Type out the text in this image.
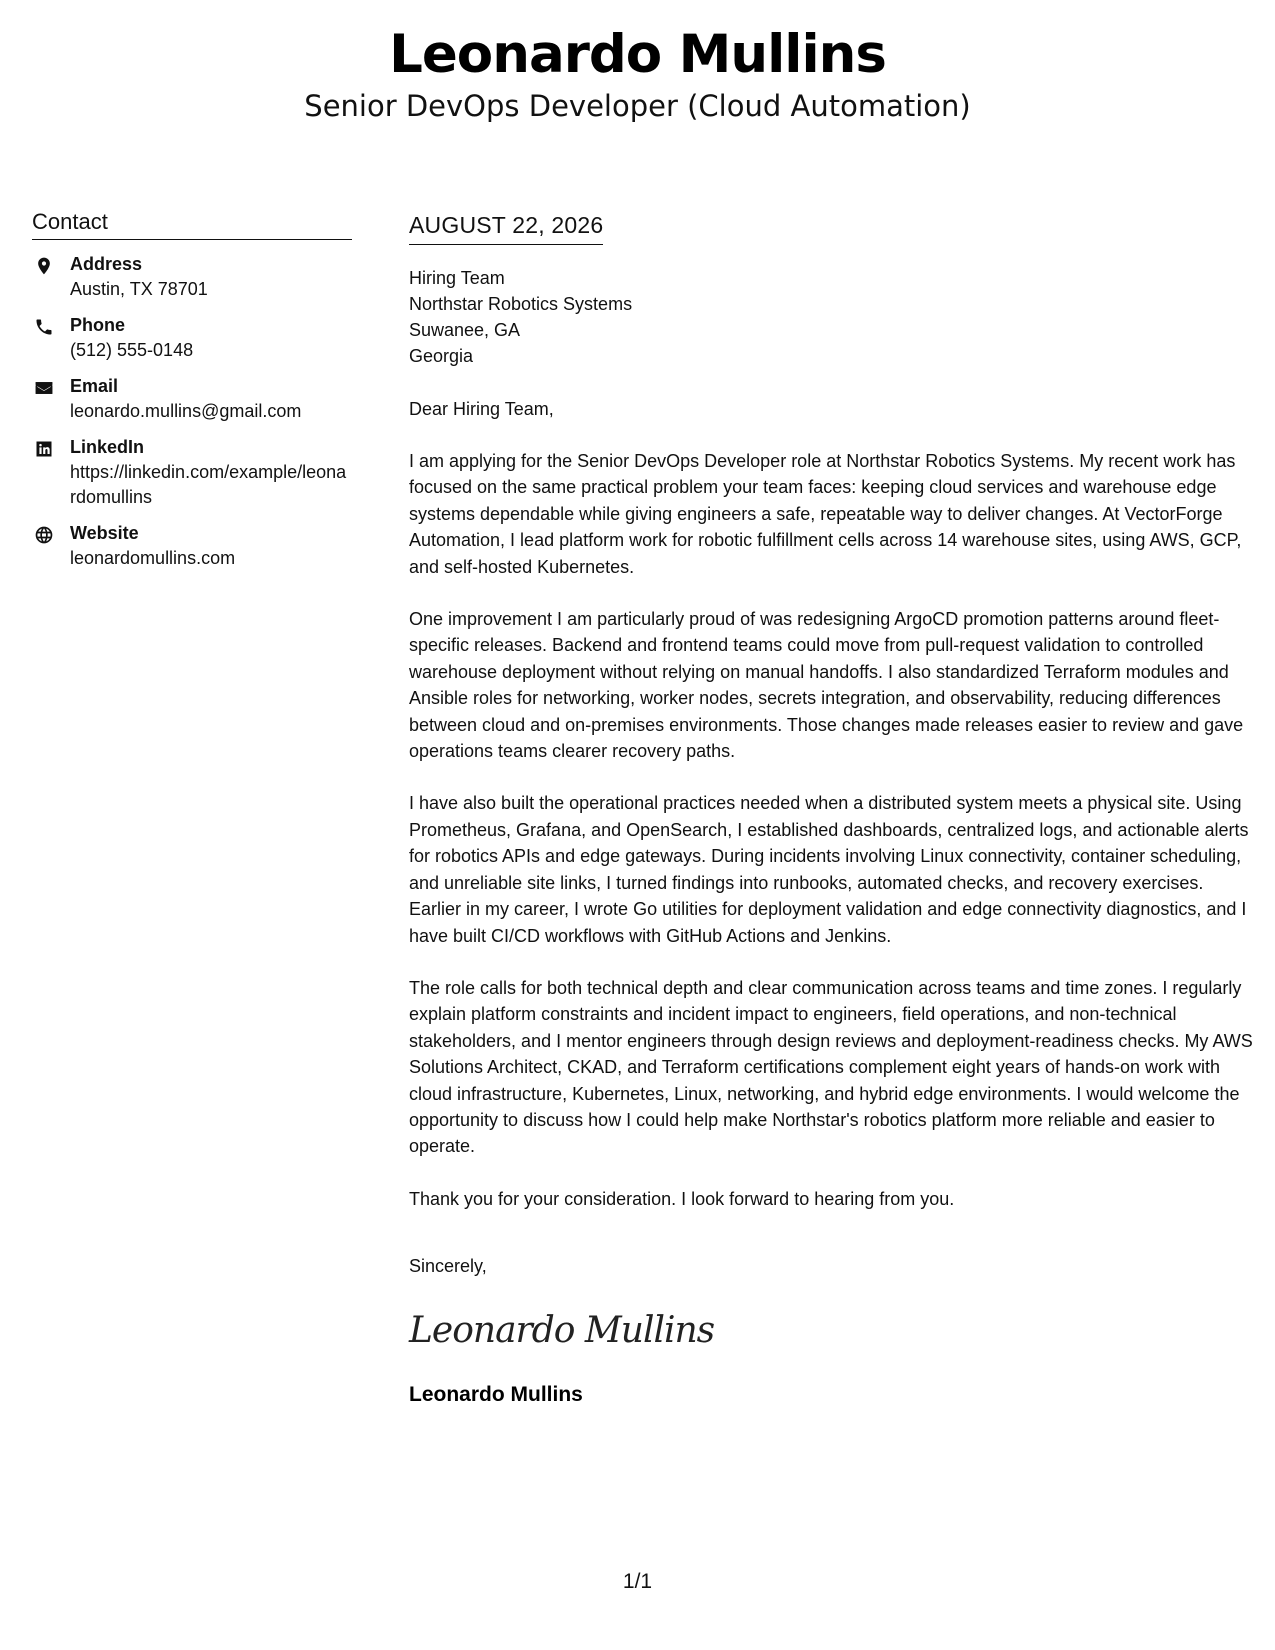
Leonardo Mullins
Senior DevOps Developer (Cloud Automation)
Contact
Address
Austin, TX 78701
Phone
(512) 555-0148
Email
leonardo.mullins@gmail.com
LinkedIn
https://linkedin.com/example/leonardomullins
Website
leonardomullins.com
AUGUST 22, 2026
Hiring Team
Northstar Robotics Systems
Suwanee, GA
Georgia
Dear Hiring Team,

I am applying for the Senior DevOps Developer role at Northstar Robotics Systems. My recent work has focused on the same practical problem your team faces: keeping cloud services and warehouse edge systems dependable while giving engineers a safe, repeatable way to deliver changes. At VectorForge Automation, I lead platform work for robotic fulfillment cells across 14 warehouse sites, using AWS, GCP, and self-hosted Kubernetes.

One improvement I am particularly proud of was redesigning ArgoCD promotion patterns around fleet-specific releases. Backend and frontend teams could move from pull-request validation to controlled warehouse deployment without relying on manual handoffs. I also standardized Terraform modules and Ansible roles for networking, worker nodes, secrets integration, and observability, reducing differences between cloud and on-premises environments. Those changes made releases easier to review and gave operations teams clearer recovery paths.

I have also built the operational practices needed when a distributed system meets a physical site. Using Prometheus, Grafana, and OpenSearch, I established dashboards, centralized logs, and actionable alerts for robotics APIs and edge gateways. During incidents involving Linux connectivity, container scheduling, and unreliable site links, I turned findings into runbooks, automated checks, and recovery exercises. Earlier in my career, I wrote Go utilities for deployment validation and edge connectivity diagnostics, and I have built CI/CD workflows with GitHub Actions and Jenkins.

The role calls for both technical depth and clear communication across teams and time zones. I regularly explain platform constraints and incident impact to engineers, field operations, and non-technical stakeholders, and I mentor engineers through design reviews and deployment-readiness checks. My AWS Solutions Architect, CKAD, and Terraform certifications complement eight years of hands-on work with cloud infrastructure, Kubernetes, Linux, networking, and hybrid edge environments. I would welcome the opportunity to discuss how I could help make Northstar's robotics platform more reliable and easier to operate.

Thank you for your consideration. I look forward to hearing from you.

Sincerely,
Leonardo Mullins
Leonardo Mullins
1/1
